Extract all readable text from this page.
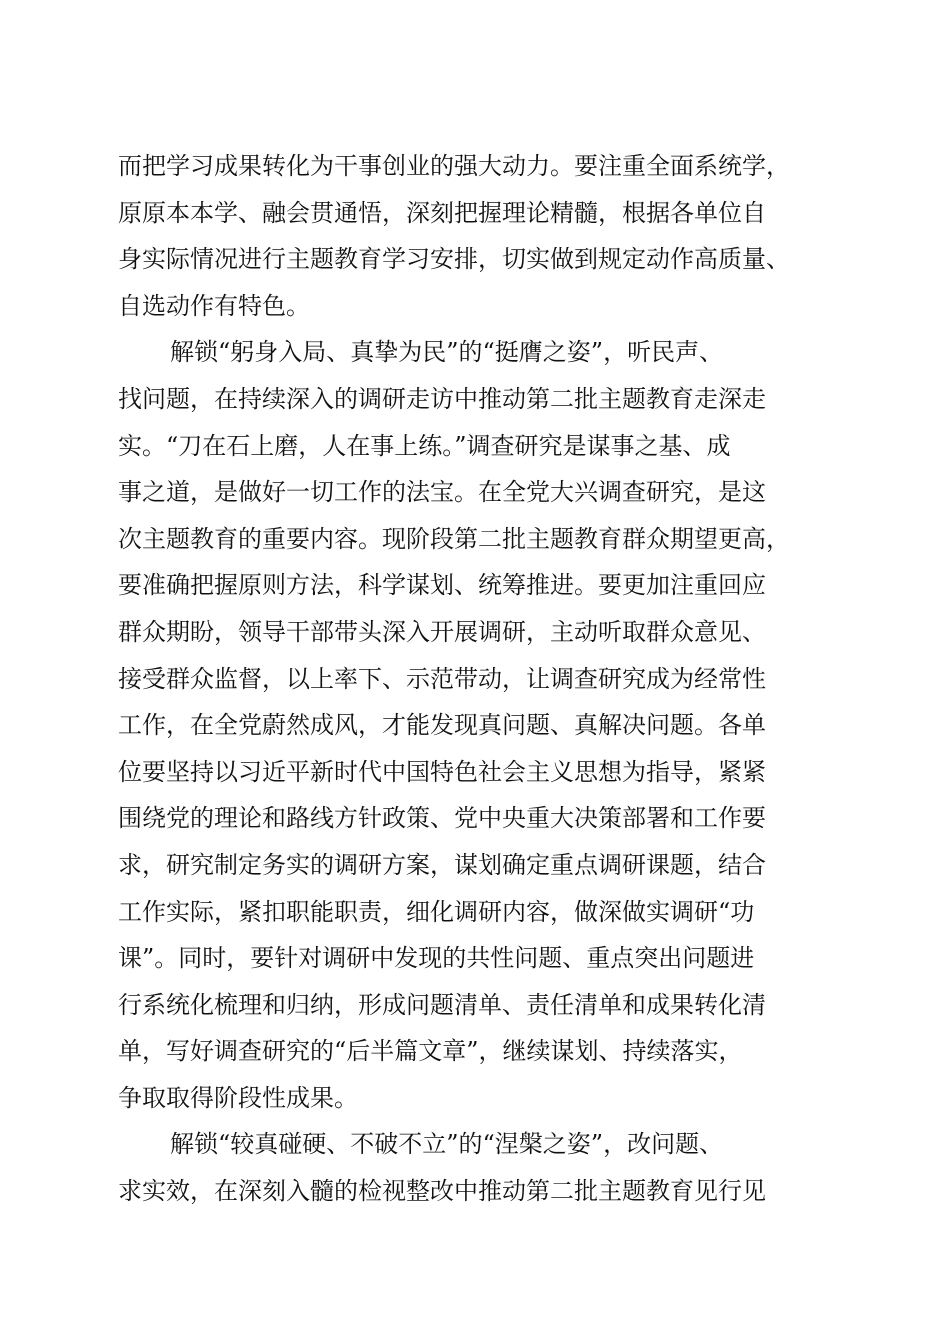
而把学习成果转化为干事创业的强大动力。要注重全面系统学，
原原本本学、融会贯通悟，深刻把握理论精髓，根据各单位自
身实际情况进行主题教育学习安排，切实做到规定动作高质量、
自选动作有特色。
解锁“躬身入局、真挚为民”的“挺膺之姿”，听民声、
找问题，在持续深入的调研走访中推动第二批主题教育走深走
实。“刀在石上磨，人在事上练。”调查研究是谋事之基、成
事之道，是做好一切工作的法宝。在全党大兴调查研究，是这
次主题教育的重要内容。现阶段第二批主题教育群众期望更高，
要准确把握原则方法，科学谋划、统筹推进。要更加注重回应
群众期盼，领导干部带头深入开展调研，主动听取群众意见、
接受群众监督，以上率下、示范带动，让调查研究成为经常性
工作，在全党蔚然成风，才能发现真问题、真解决问题。各单
位要坚持以习近平新时代中国特色社会主义思想为指导，紧紧
围绕党的理论和路线方针政策、党中央重大决策部署和工作要
求，研究制定务实的调研方案，谋划确定重点调研课题，结合
工作实际，紧扣职能职责，细化调研内容，做深做实调研“功
课”。同时，要针对调研中发现的共性问题、重点突出问题进
行系统化梳理和归纳，形成问题清单、责任清单和成果转化清
单，写好调查研究的“后半篇文章”，继续谋划、持续落实，
争取取得阶段性成果。
解锁“较真碰硬、不破不立”的“涅槃之姿”，改问题、
求实效，在深刻入髓的检视整改中推动第二批主题教育见行见
